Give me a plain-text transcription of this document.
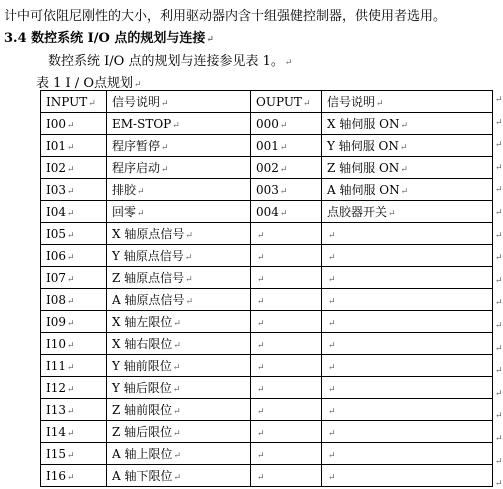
计中可依阻尼刚性的大小，利用驱动器内含十组强健控制器，供使用者选用。
3.4 数控系统 I/O 点的规划与连接↵
数控系统 I/O 点的规划与连接参见表 1。↵
表 1 I / O点规划↵
INPUT↵	信号说明↵	OUPUT↵	信号说明↵
I00↵	EM-STOP↵	000↵	X 轴伺服 ON↵
I01↵	程序暂停↵	001↵	Y 轴伺服 ON↵
I02↵	程序启动↵	002↵	Z 轴伺服 ON↵
I03↵	排胶↵	003↵	A 轴伺服 ON↵
I04↵	回零↵	004↵	点胶器开关↵
I05↵	X 轴原点信号↵	↵	↵
I06↵	Y 轴原点信号↵	↵	↵
I07↵	Z 轴原点信号↵	↵	↵
I08↵	A 轴原点信号↵	↵	↵
I09↵	X 轴左限位↵	↵	↵
I10↵	X 轴右限位↵	↵	↵
I11↵	Y 轴前限位↵	↵	↵
I12↵	Y 轴后限位↵	↵	↵
I13↵	Z 轴前限位↵	↵	↵
I14↵	Z 轴后限位↵	↵	↵
I15↵	A 轴上限位↵	↵	↵
I16↵	A 轴下限位↵	↵	↵
↵
↵
↵
↵
↵
↵
↵
↵
↵
↵
↵
↵
↵
↵
↵
↵
↵
↵
